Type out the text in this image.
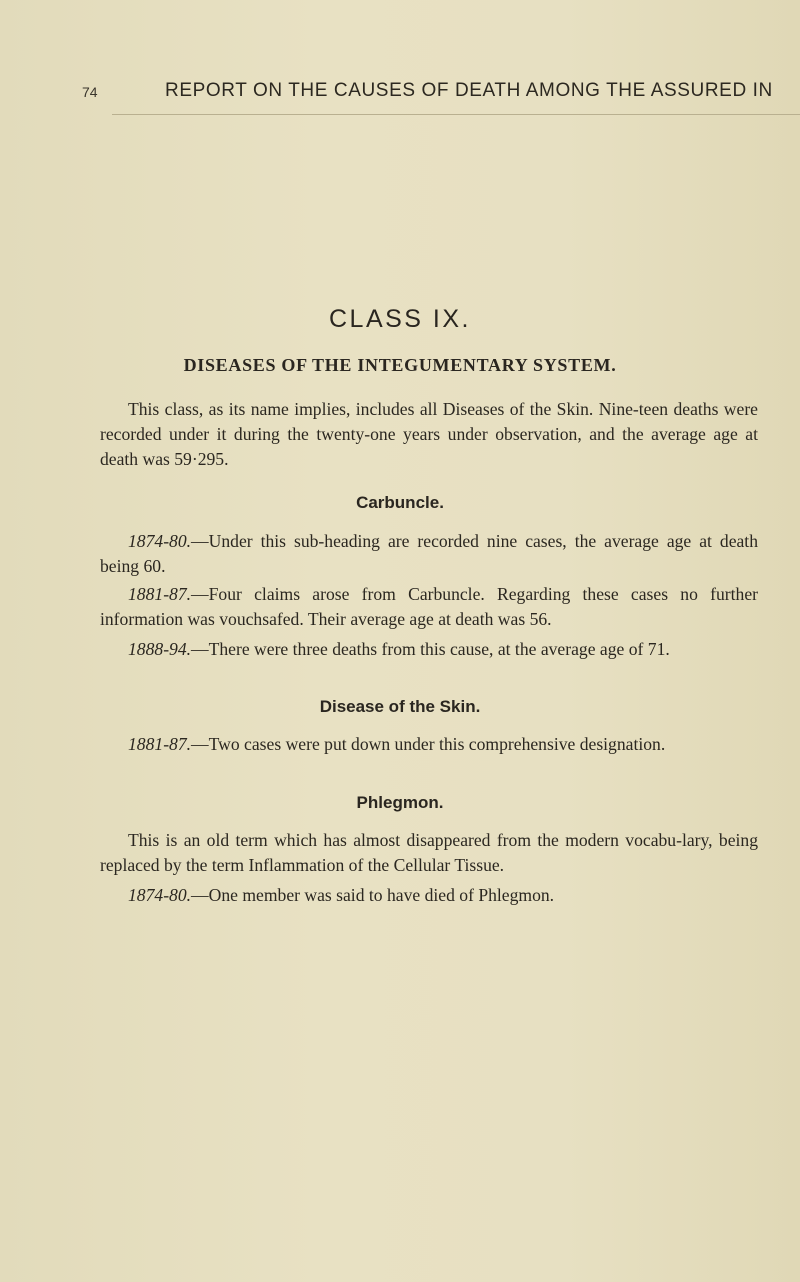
74	REPORT ON THE CAUSES OF DEATH AMONG THE ASSURED IN
CLASS IX.
DISEASES OF THE INTEGUMENTARY SYSTEM.

This class, as its name implies, includes all Diseases of the Skin. Nine-teen deaths were recorded under it during the twenty-one years under observation, and the average age at death was 59·295.

Carbuncle.

1874-80.—Under this sub-heading are recorded nine cases, the average age at death being 60.

1881-87.—Four claims arose from Carbuncle. Regarding these cases no further information was vouchsafed. Their average age at death was 56.

1888-94.—There were three deaths from this cause, at the average age of 71.

Disease of the Skin.

1881-87.—Two cases were put down under this comprehensive designation.

Phlegmon.

This is an old term which has almost disappeared from the modern vocabu-lary, being replaced by the term Inflammation of the Cellular Tissue.

1874-80.—One member was said to have died of Phlegmon.
